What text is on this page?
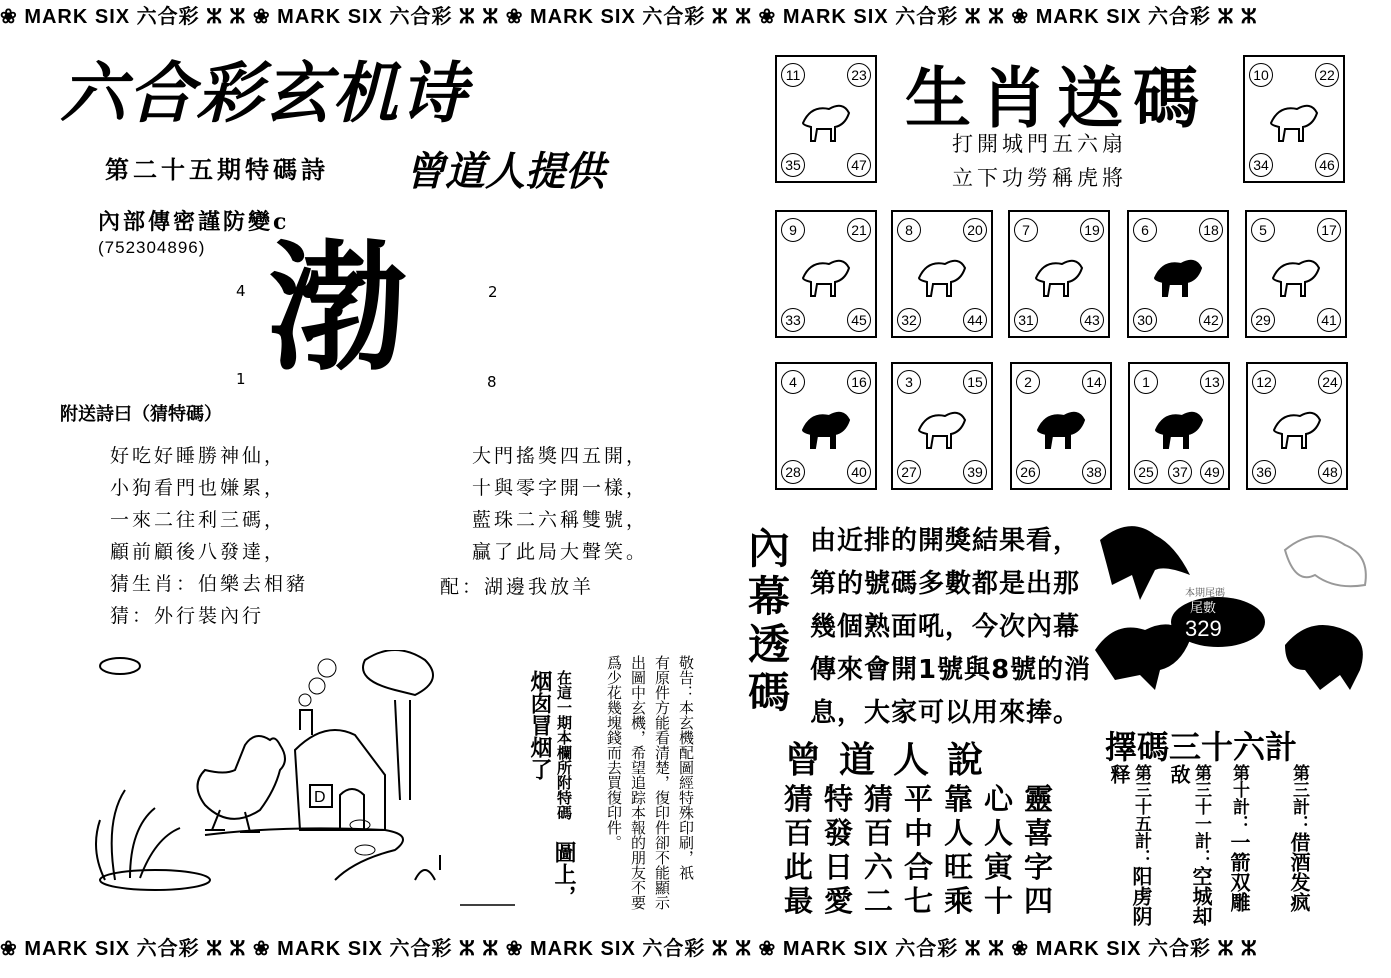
❀ MARK SIX 六合彩 ⵣ ⵣ ❀ MARK SIX 六合彩 ⵣ ⵣ ❀ MARK SIX 六合彩 ⵣ ⵣ ❀ MARK SIX 六合彩 ⵣ ⵣ ❀ MARK SIX 六合彩 ⵣ ⵣ
❀ MARK SIX 六合彩 ⵣ ⵣ ❀ MARK SIX 六合彩 ⵣ ⵣ ❀ MARK SIX 六合彩 ⵣ ⵣ ❀ MARK SIX 六合彩 ⵣ ⵣ ❀ MARK SIX 六合彩 ⵣ ⵣ
六合彩玄机诗
第二十五期特碼詩 曾道人提供
內部傳密謹防變c
(752304896) 渤
4	2
1	8
附送詩曰（猜特碼）
好吃好睡勝神仙，
小狗看門也嫌累，
一來二往利三碼，
顧前顧後八發達，
猜生肖：伯樂去相豬
猜：外行裝內行
大門搖獎四五開，
十與零字開一樣，
藍珠二六稱雙號，
贏了此局大聲笑。
配：湖邊我放羊
D	在這一期本欄所附特碼 圖上，烟囱冒烟了	敬告：本玄機配圖經特殊印刷，祇 有原件方能看清楚，復印件卻不能顯示 出圖中玄機，希望追踪本報的朋友不要 爲少花幾塊錢而去買復印件。
生肖送碼
打開城門五六扇
立下功勞稱虎將
11	23
35	47
10	22
34	46
9	21
33	45
8	20
32	44
7	19
31	43
6	18
30	42
5	17
29	41
4	16
28	40
3	15
27	39
2	14
26	38
1	13
25	37	49
12	24
36	48
內幕透碼
由近排的開獎結果看，
第的號碼多數都是出那
幾個熟面吼，今次內幕
傳來會開1號與8號的消
息，大家可以用來捧。
尾數
329
本期尾碼
曾道人說
猜特猜平靠心靈
百發百中人人喜
此日六合旺寅字
最愛二七乘十四
擇碼三十六計
第三十五計：阳虏阴释	第三十一計：空城却敌	第十計：一箭双雕
第三計：借酒发疯
